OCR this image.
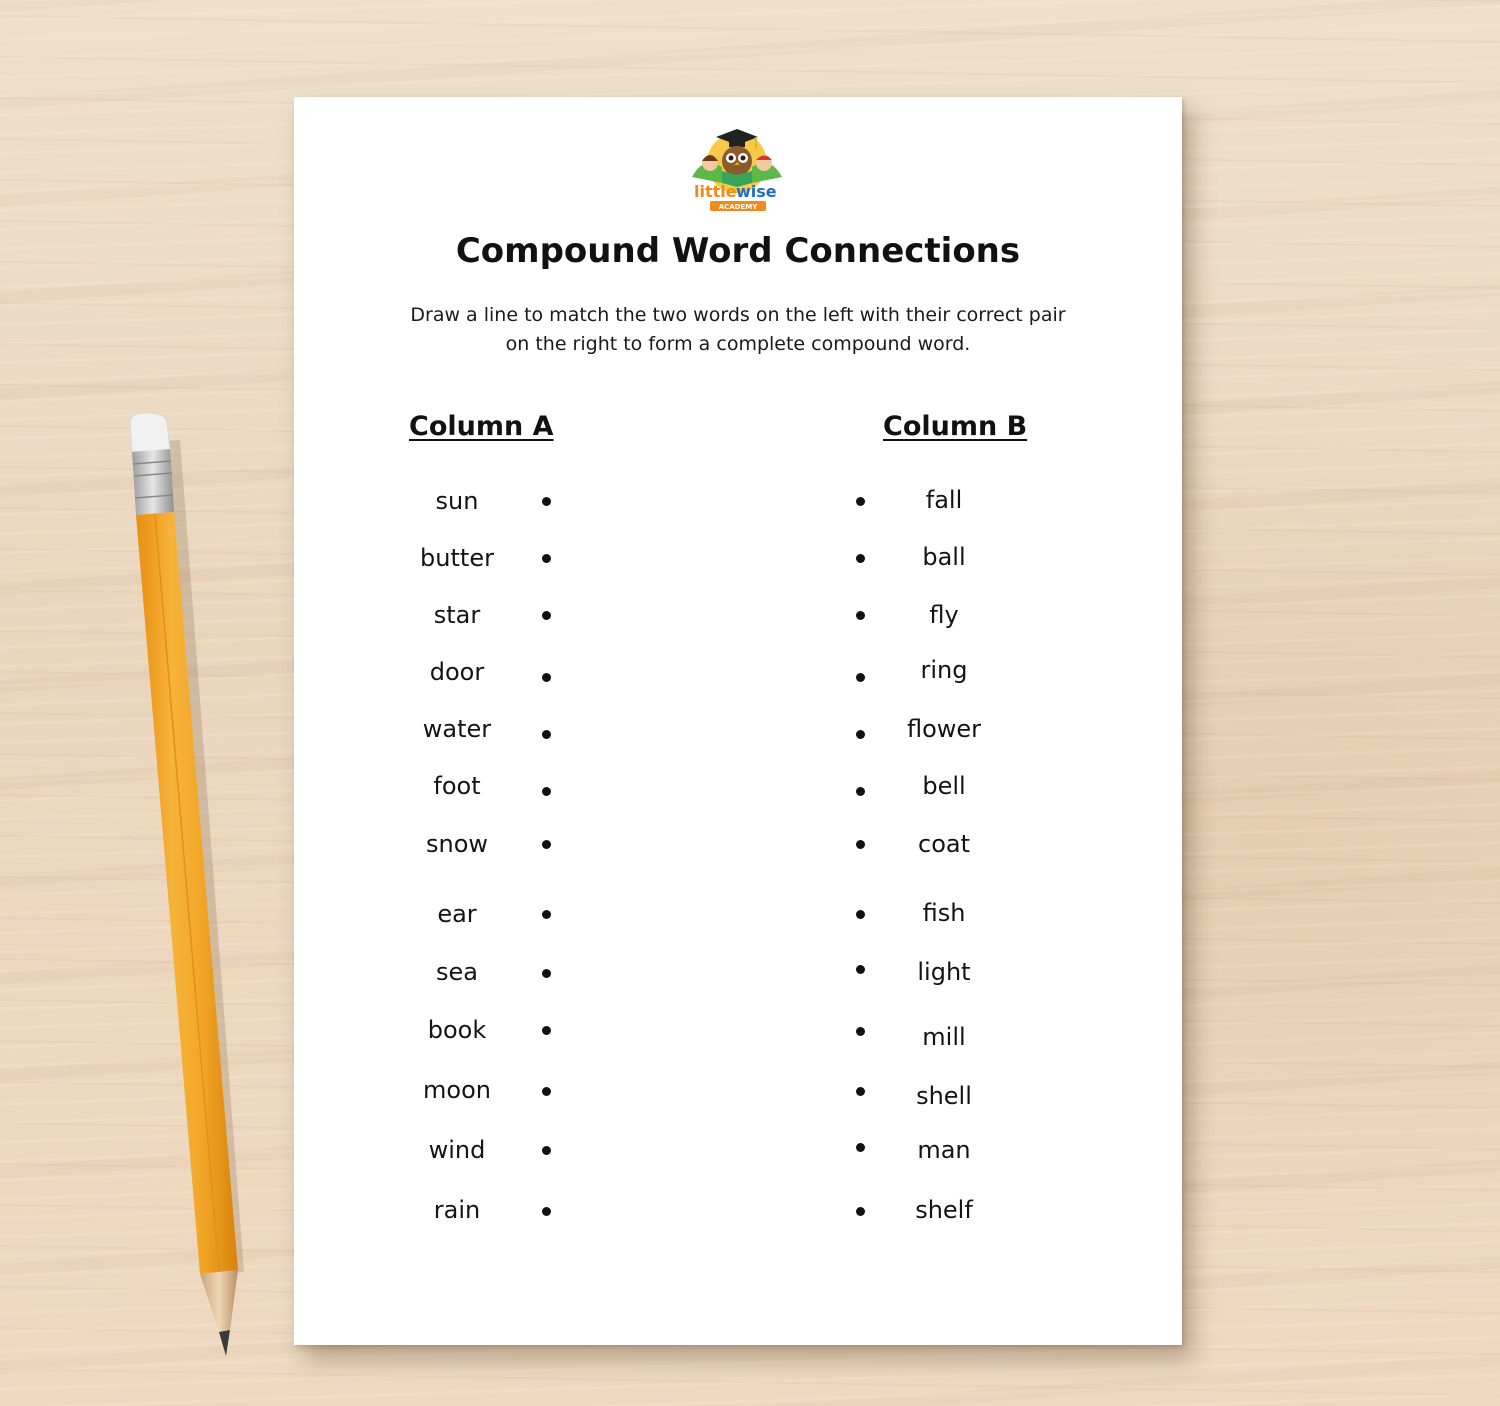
little wise
ACADEMY
Compound Word Connections
Draw a line to match the two words on the left with their correct pair
on the right to form a complete compound word.
Column A	Column B
sun
butter
star
door
water
foot
snow
ear
sea
book
moon
wind
rain
fall
ball
fly
ring
flower
bell
coat
fish
light
mill
shell
man
shelf
